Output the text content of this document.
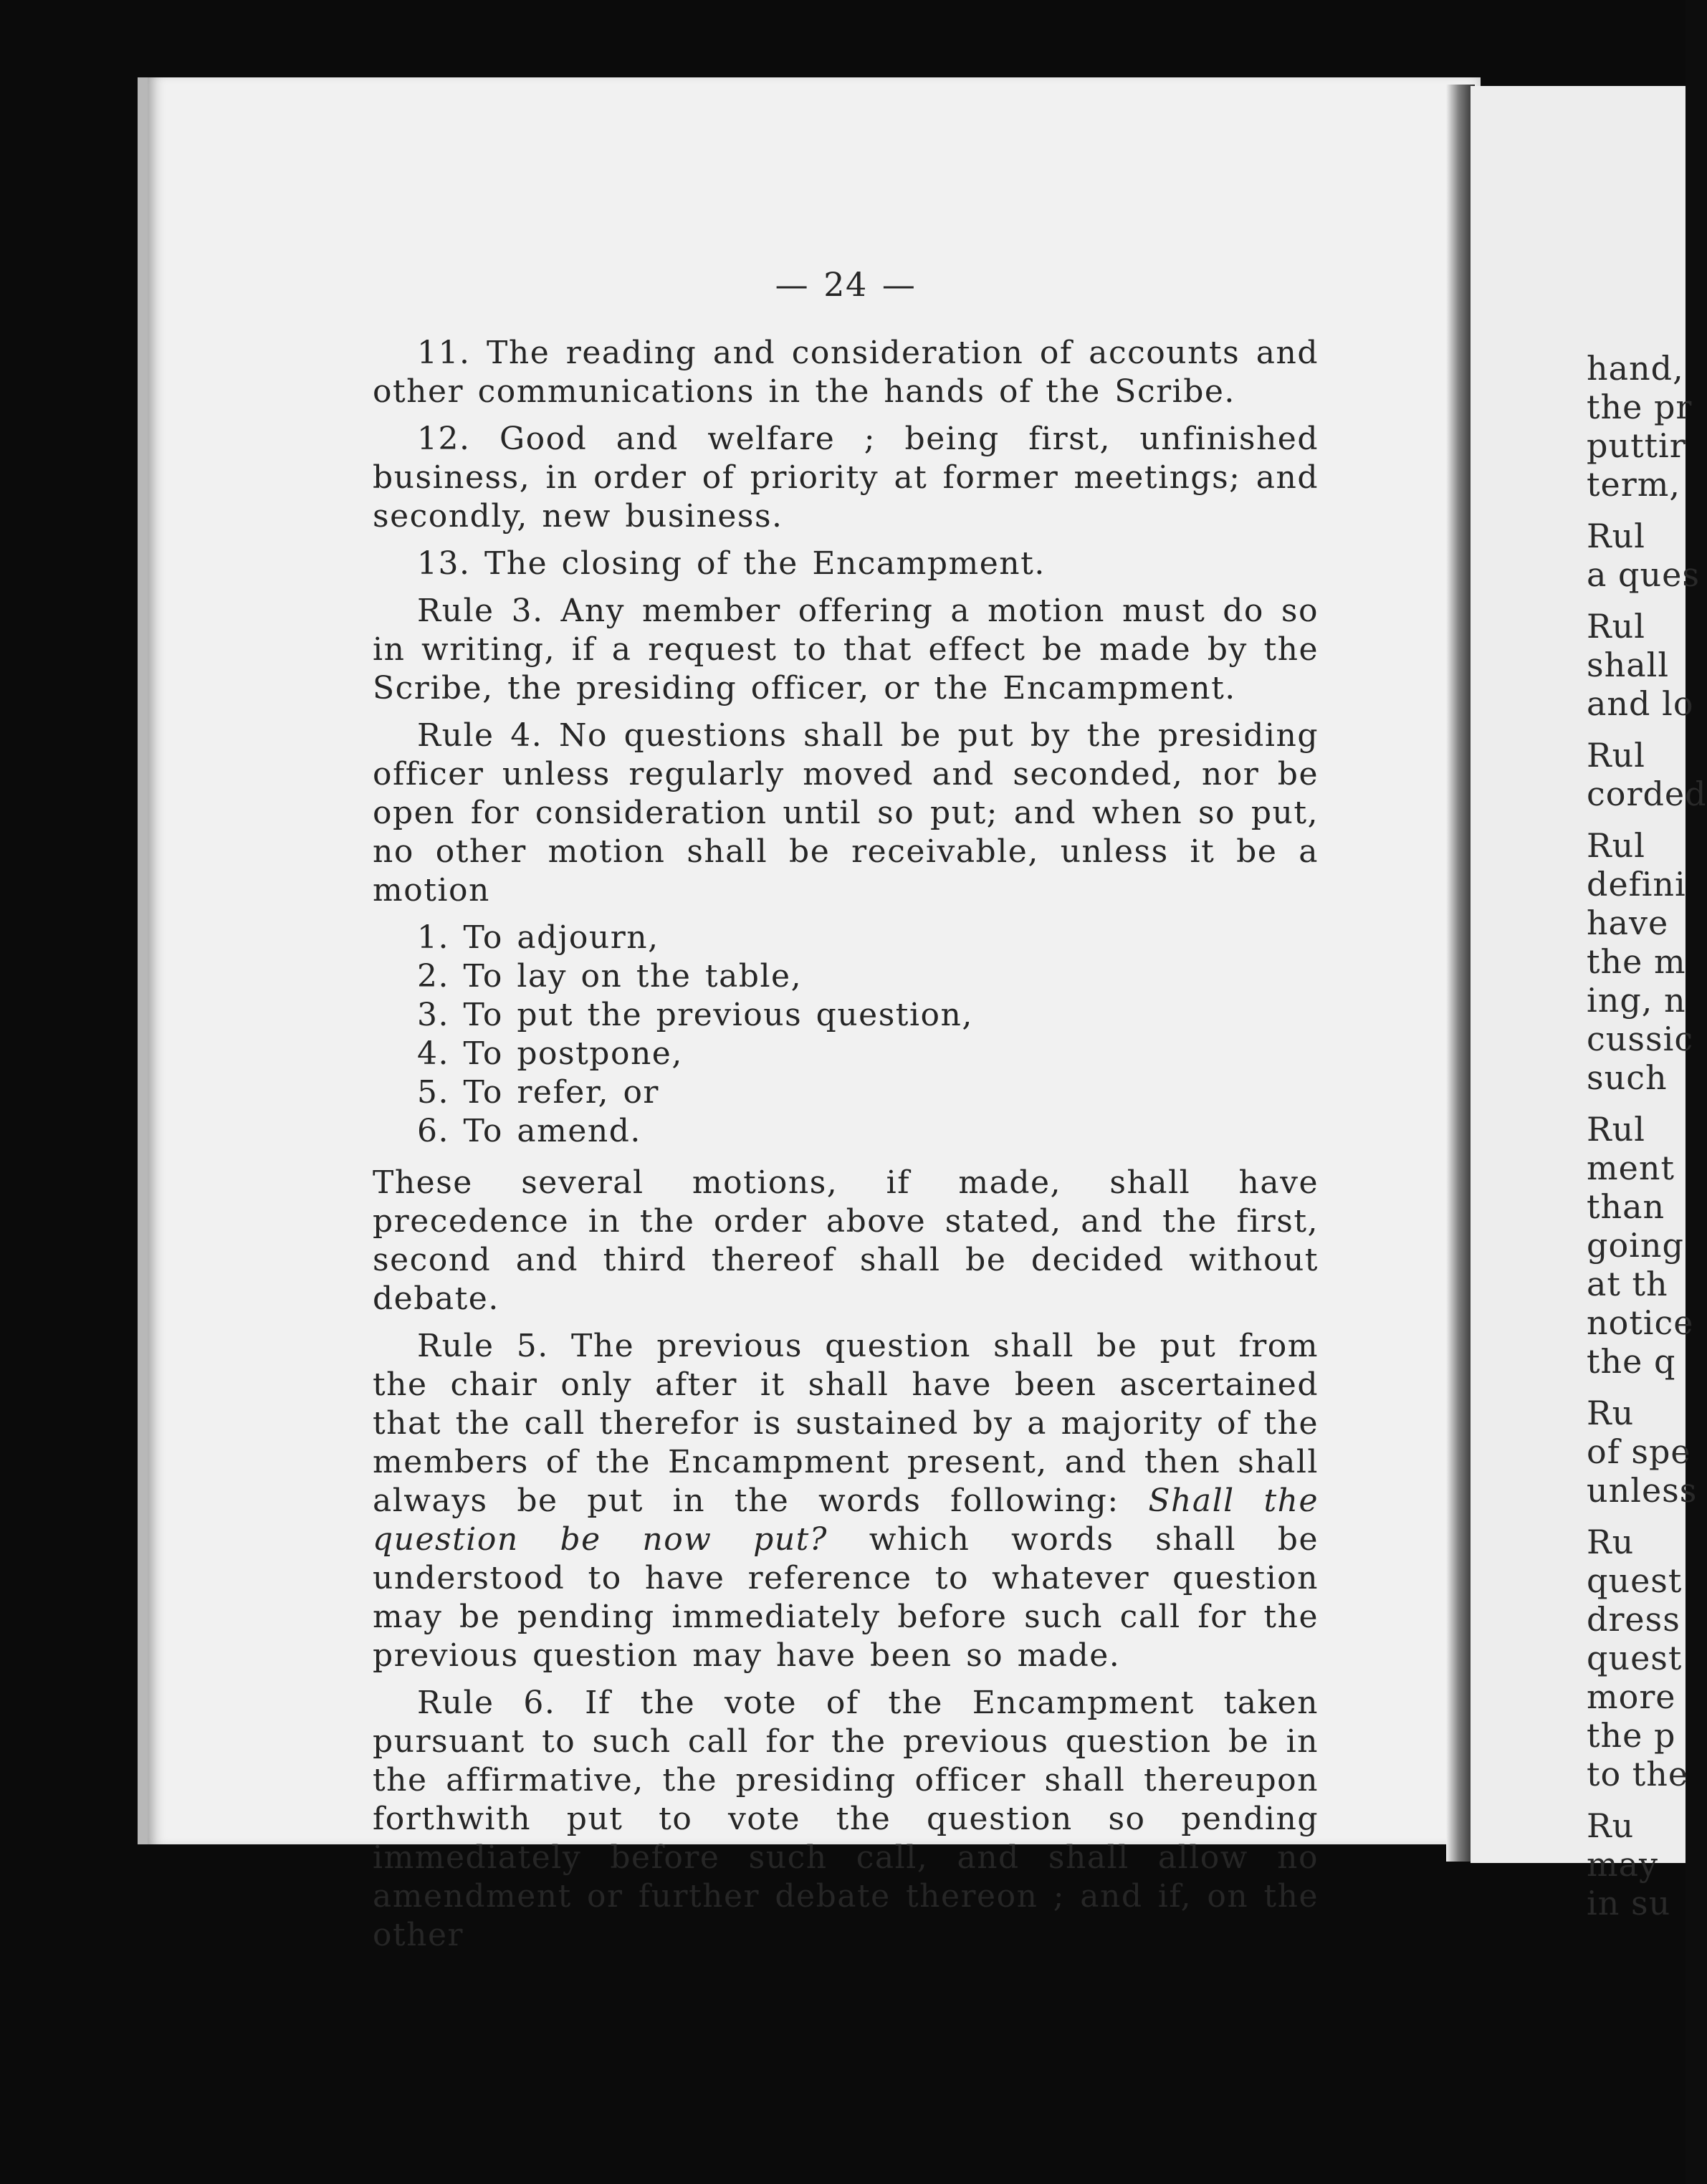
— 24 —

11. The reading and consideration of accounts and other communications in the hands of the Scribe.

12. Good and welfare ; being first, unfinished business, in order of priority at former meetings; and secondly, new business.

13. The closing of the Encampment.

Rule 3. Any member offering a motion must do so in writing, if a request to that effect be made by the Scribe, the presiding officer, or the Encampment.

Rule 4. No questions shall be put by the presiding officer unless regularly moved and seconded, nor be open for consideration until so put; and when so put, no other motion shall be receivable, unless it be a motion

1. To adjourn,
2. To lay on the table,
3. To put the previous question,
4. To postpone,
5. To refer, or
6. To amend.

These several motions, if made, shall have precedence in the order above stated, and the first, second and third thereof shall be decided without debate.

Rule 5. The previous question shall be put from the chair only after it shall have been ascertained that the call therefor is sustained by a majority of the members of the Encampment present, and then shall always be put in the words following: Shall the question be now put? which words shall be understood to have reference to whatever question may be pending immediately before such call for the previous question may have been so made.

Rule 6. If the vote of the Encampment taken pursuant to such call for the previous question be in the affirmative, the presiding officer shall thereupon forthwith put to vote the question so pending immediately before such call, and shall allow no amendment or further debate thereon ; and if, on the other

hand,
the pr
puttir
term,
Rul
a ques
Rul
shall
and lo
Rul
corded
Rul
defini
have
the m
ing, n
cussic
such
Rul
ment
than
going
at th
notice
the q
Ru
of spe
unless
Ru
quest
dress
quest
more
the p
to the
Ru
may
in su
